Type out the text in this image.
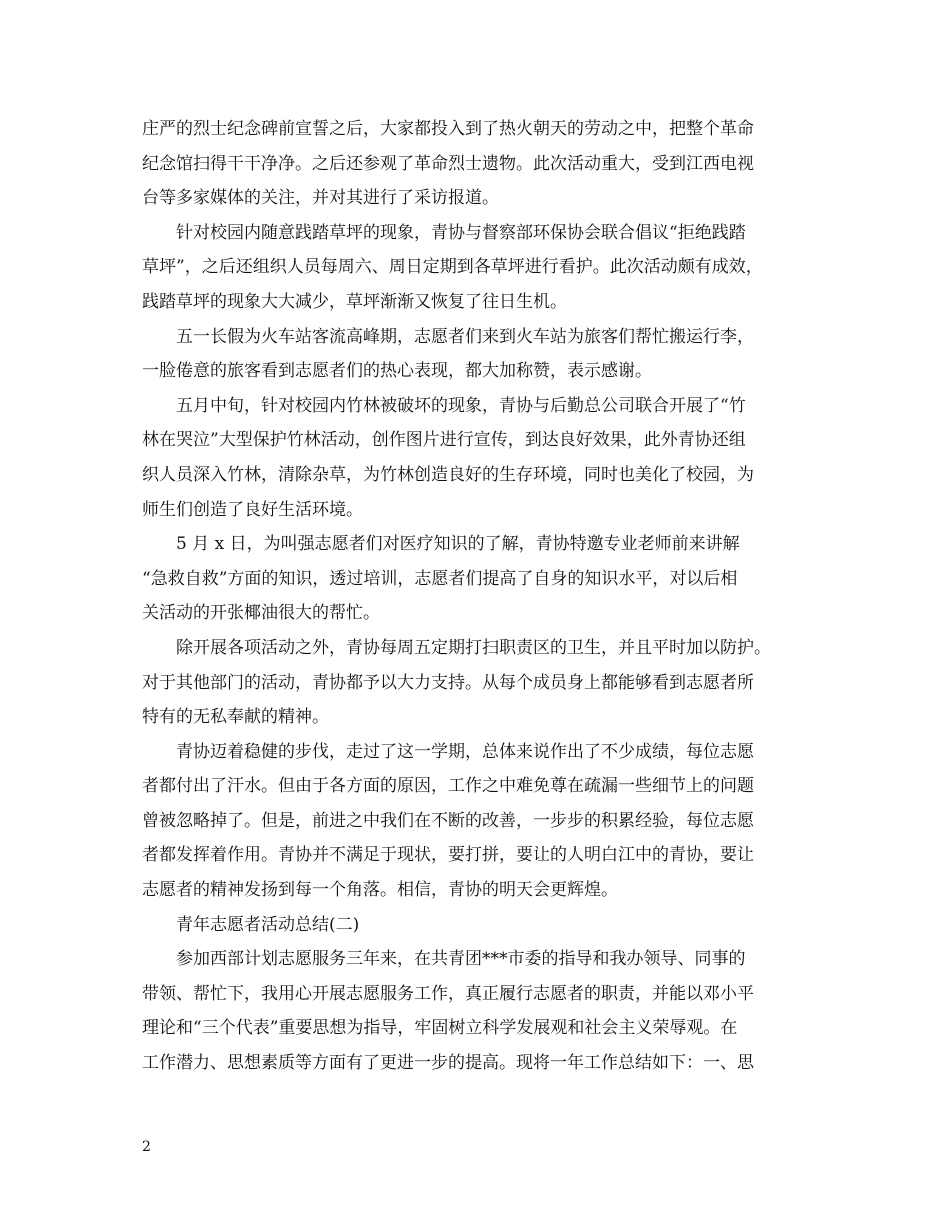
庄严的烈士纪念碑前宣誓之后，大家都投入到了热火朝天的劳动之中，把整个革命
纪念馆扫得干干净净。之后还参观了革命烈士遗物。此次活动重大，受到江西电视
台等多家媒体的关注，并对其进行了采访报道。
针对校园内随意践踏草坪的现象，青协与督察部环保协会联合倡议“拒绝践踏
草坪”，之后还组织人员每周六、周日定期到各草坪进行看护。此次活动颇有成效，
践踏草坪的现象大大减少，草坪渐渐又恢复了往日生机。
五一长假为火车站客流高峰期，志愿者们来到火车站为旅客们帮忙搬运行李，
一脸倦意的旅客看到志愿者们的热心表现，都大加称赞，表示感谢。
五月中旬，针对校园内竹林被破坏的现象，青协与后勤总公司联合开展了“竹
林在哭泣”大型保护竹林活动，创作图片进行宣传，到达良好效果，此外青协还组
织人员深入竹林，清除杂草，为竹林创造良好的生存环境，同时也美化了校园，为
师生们创造了良好生活环境。
5 月 x 日，为叫强志愿者们对医疗知识的了解，青协特邀专业老师前来讲解
“急救自救”方面的知识，透过培训，志愿者们提高了自身的知识水平，对以后相
关活动的开张椰油很大的帮忙。
除开展各项活动之外，青协每周五定期打扫职责区的卫生，并且平时加以防护。
对于其他部门的活动，青协都予以大力支持。从每个成员身上都能够看到志愿者所
特有的无私奉献的精神。
青协迈着稳健的步伐，走过了这一学期，总体来说作出了不少成绩，每位志愿
者都付出了汗水。但由于各方面的原因，工作之中难免尊在疏漏一些细节上的问题
曾被忽略掉了。但是，前进之中我们在不断的改善，一步步的积累经验，每位志愿
者都发挥着作用。青协并不满足于现状，要打拼，要让的人明白江中的青协，要让
志愿者的精神发扬到每一个角落。相信，青协的明天会更辉煌。
青年志愿者活动总结(二)
参加西部计划志愿服务三年来，在共青团***市委的指导和我办领导、同事的
带领、帮忙下，我用心开展志愿服务工作，真正履行志愿者的职责，并能以邓小平
理论和“三个代表”重要思想为指导，牢固树立科学发展观和社会主义荣辱观。在
工作潜力、思想素质等方面有了更进一步的提高。现将一年工作总结如下：一、思
2
